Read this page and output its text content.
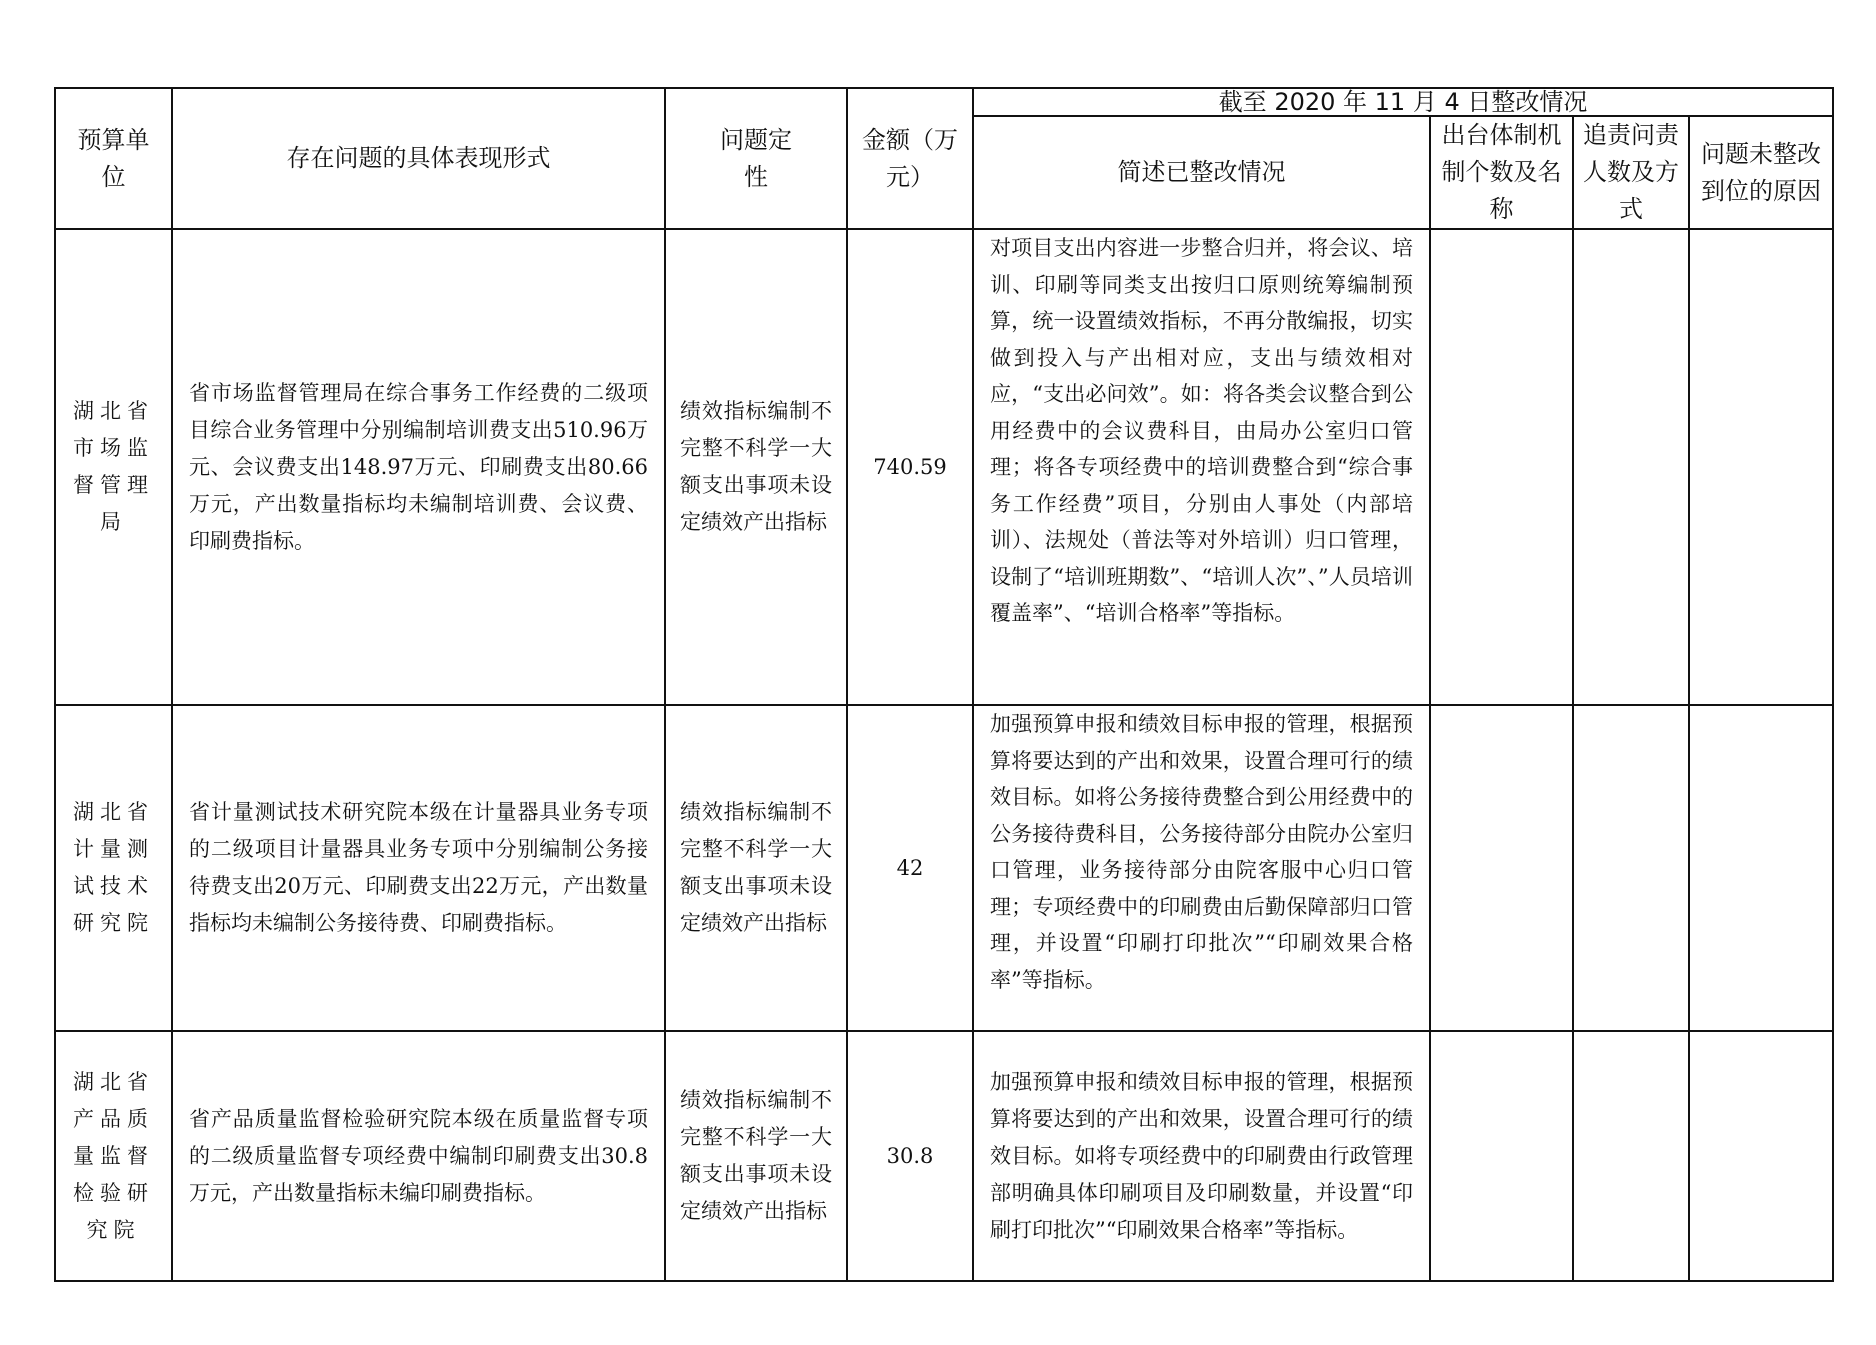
预算单位	存在问题的具体表现形式	问题定性	金额（万元）	截至 2020 年 11 月 4 日整改情况			
				简述已整改情况	出台体制机制个数及名称	追责问责人数及方式	问题未整改到位的原因
湖北省市场监督管理局	省市场监督管理局在综合事务工作经费的二级项目综合业务管理中分别编制培训费支出510.96万元、会议费支出148.97万元、印刷费支出80.66万元，产出数量指标均未编制培训费、会议费、印刷费指标。	绩效指标编制不完整不科学一大额支出事项未设定绩效产出指标	740.59	对项目支出内容进一步整合归并，将会议、培训、印刷等同类支出按归口原则统筹编制预算，统一设置绩效指标，不再分散编报，切实做到投入与产出相对应，支出与绩效相对应，“支出必问效”。如：将各类会议整合到公用经费中的会议费科目，由局办公室归口管理；将各专项经费中的培训费整合到“综合事务工作经费”项目，分别由人事处（内部培训）、法规处（普法等对外培训）归口管理，设制了“培训班期数”、“培训人次”、”人员培训覆盖率”、“培训合格率”等指标。			
湖北省计量测试技术研究院	省计量测试技术研究院本级在计量器具业务专项的二级项目计量器具业务专项中分别编制公务接待费支出20万元、印刷费支出22万元，产出数量指标均未编制公务接待费、印刷费指标。	绩效指标编制不完整不科学一大额支出事项未设定绩效产出指标	42	加强预算申报和绩效目标申报的管理，根据预算将要达到的产出和效果，设置合理可行的绩效目标。如将公务接待费整合到公用经费中的公务接待费科目，公务接待部分由院办公室归口管理，业务接待部分由院客服中心归口管理；专项经费中的印刷费由后勤保障部归口管理，并设置“印刷打印批次”“印刷效果合格率”等指标。			
湖北省产品质量监督检验研究院	省产品质量监督检验研究院本级在质量监督专项的二级质量监督专项经费中编制印刷费支出30.8万元，产出数量指标未编印刷费指标。	绩效指标编制不完整不科学一大额支出事项未设定绩效产出指标	30.8	加强预算申报和绩效目标申报的管理，根据预算将要达到的产出和效果，设置合理可行的绩效目标。如将专项经费中的印刷费由行政管理部明确具体印刷项目及印刷数量，并设置“印刷打印批次”“印刷效果合格率”等指标。			
